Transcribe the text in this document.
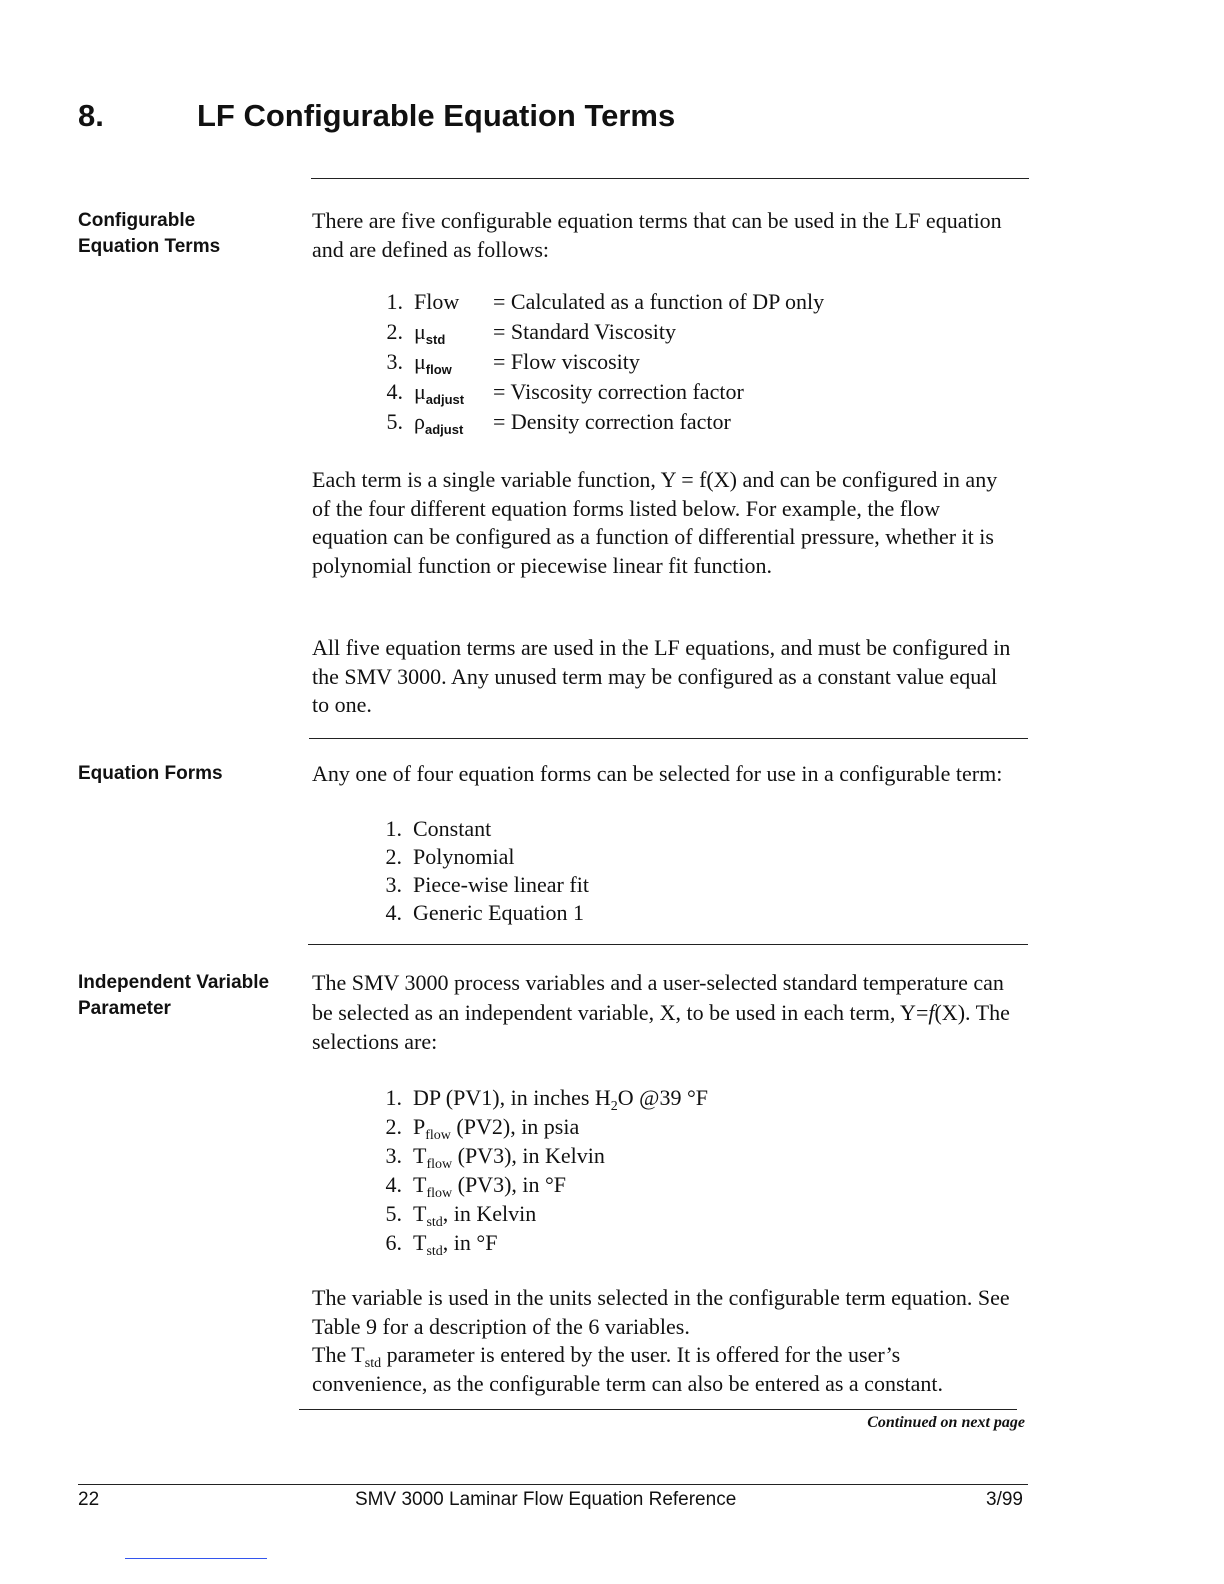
8.	LF Configurable Equation Terms
Configurable
Equation Terms
There are five configurable equation terms that can be used in the LF equation and are defined as follows:
1. Flow = Calculated as a function of DP only
2. $\mu_{std}$ = Standard Viscosity
3. $\mu_{flow}$ = Flow viscosity
4. $\mu_{adjust}$ = Viscosity correction factor
5. $\rho_{adjust}$ = Density correction factor
Each term is a single variable function, Y = f(X) and can be configured in any of the four different equation forms listed below. For example, the flow equation can be configured as a function of differential pressure, whether it is polynomial function or piecewise linear fit function.
All five equation terms are used in the LF equations, and must be configured in the SMV 3000. Any unused term may be configured as a constant value equal to one.
Equation Forms	Any one of four equation forms can be selected for use in a configurable term:
1. Constant
2. Polynomial
3. Piece-wise linear fit
4. Generic Equation 1
Independent Variable
Parameter
The SMV 3000 process variables and a user-selected standard temperature can be selected as an independent variable, X, to be used in each term, Y=f(X). The selections are:
1. DP (PV1), in inches $H_2O$ @39 °F
2. $P_{flow}$ (PV2), in psia
3. $T_{flow}$ (PV3), in Kelvin
4. $T_{flow}$ (PV3), in °F
5. $T_{std}$, in Kelvin
6. $T_{std}$, in °F
The variable is used in the units selected in the configurable term equation. See Table 9 for a description of the 6 variables.
The $T_{std}$ parameter is entered by the user. It is offered for the user’s convenience, as the configurable term can also be entered as a constant.
Continued on next page
22	SMV 3000 Laminar Flow Equation Reference	3/99
